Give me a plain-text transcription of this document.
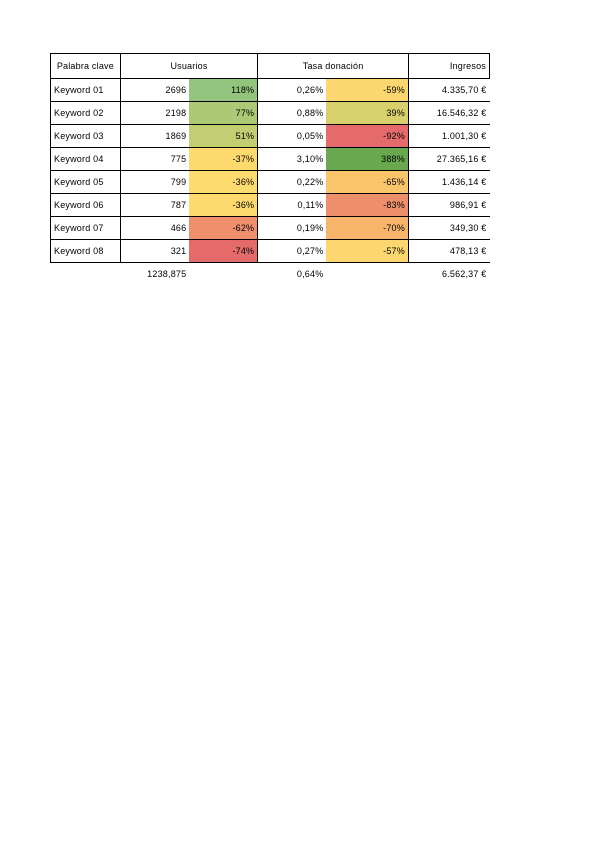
Palabra clave	Usuarios		Tasa donación		Ingresos
Keyword 01	2696	118%	0,26%	-59%	4.335,70 €
Keyword 02	2198	77%	0,88%	39%	16.546,32 €
Keyword 03	1869	51%	0,05%	-92%	1.001,30 €
Keyword 04	775	-37%	3,10%	388%	27.365,16 €
Keyword 05	799	-36%	0,22%	-65%	1.436,14 €
Keyword 06	787	-36%	0,11%	-83%	986,91 €
Keyword 07	466	-62%	0,19%	-70%	349,30 €
Keyword 08	321	-74%	0,27%	-57%	478,13 €
	1238,875		0,64%		6.562,37 €
